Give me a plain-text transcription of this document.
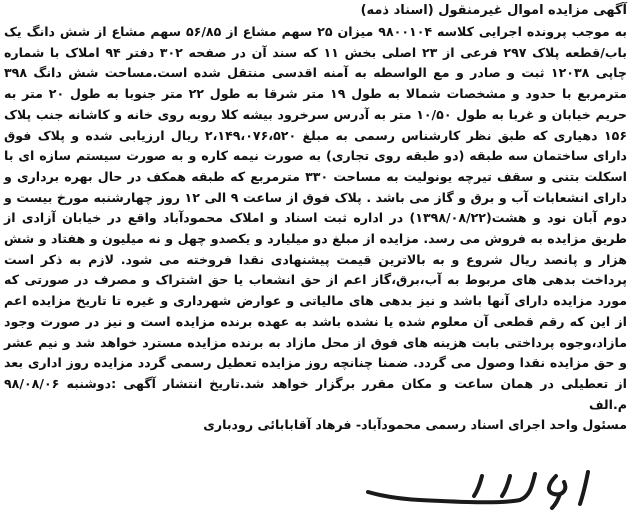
آگهی مزایده اموال غیرمنقول (اسناد ذمه)

به موجب پرونده اجرایی کلاسه ۹۸۰۰۱۰۴ میزان ۲۵ سهم مشاع از ۵۶/۸۵ سهم مشاع از شش دانگ یک باب/قطعه پلاک ۲۹۷ فرعی از ۲۳ اصلی بخش ۱۱ که سند آن در صفحه ۳۰۲ دفتر ۹۴ املاک با شماره چاپی ۱۲۰۳۸ ثبت و صادر و مع الواسطه به آمنه اقدسی منتقل شده است.مساحت شش دانگ ۳۹۸ مترمربع با حدود و مشخصات شمالا به طول ۱۹ متر شرقا به طول ۲۲ متر جنوبا به طول ۲۰ متر به حریم خیابان و غربا به طول ۱۰/۵۰ متر به آدرس سرخرود بیشه کلا روبه روی خانه و کاشانه جنب پلاک ۱۵۶ دهیاری که طبق نظر کارشناس رسمی به مبلغ ۲،۱۴۹،۰۷۶،۵۲۰ ریال ارزیابی شده و پلاک فوق دارای ساختمان سه طبقه (دو طبقه روی تجاری) به صورت نیمه کاره و به صورت سیستم سازه ای با اسکلت بتنی و سقف تیرچه یونولیت به مساحت ۳۳۰ مترمربع که طبقه همکف در حال بهره برداری و دارای انشعابات آب و برق و گاز می باشد . پلاک فوق از ساعت ۹ الی ۱۲ روز چهارشنبه مورخ بیست و دوم آبان نود و هشت(۱۳۹۸/۰۸/۲۲) در اداره ثبت اسناد و املاک محمودآباد واقع در خیابان آزادی از طریق مزایده به فروش می رسد. مزایده از مبلغ دو میلیارد و یکصدو چهل و نه میلیون و هفتاد و شش هزار و پانصد ریال شروع و به بالاترین قیمت پیشنهادی نقدا فروخته می شود. لازم به ذکر است پرداخت بدهی های مربوط به آب،برق،گاز اعم از حق انشعاب یا حق اشتراک و مصرف در صورتی که مورد مزایده دارای آنها باشد و نیز بدهی های مالیاتی و عوارض شهرداری و غیره تا تاریخ مزایده اعم از این که رقم قطعی آن معلوم شده یا نشده باشد به عهده برنده مزایده است و نیز در صورت وجود مازاد،وجوه پرداختی بابت هزینه های فوق از محل مازاد به برنده مزایده مسترد خواهد شد و نیم عشر و حق مزایده نقدا وصول می گردد. ضمنا چنانچه روز مزایده تعطیل رسمی گردد مزایده روز اداری بعد از تعطیلی در همان ساعت و مکان مقرر برگزار خواهد شد.تاریخ انتشار آگهی :دوشنبه ۹۸/۰۸/۰۶ م.الف

مسئول واحد اجرای اسناد رسمی محمودآباد- فرهاد آقابابائی رودباری
